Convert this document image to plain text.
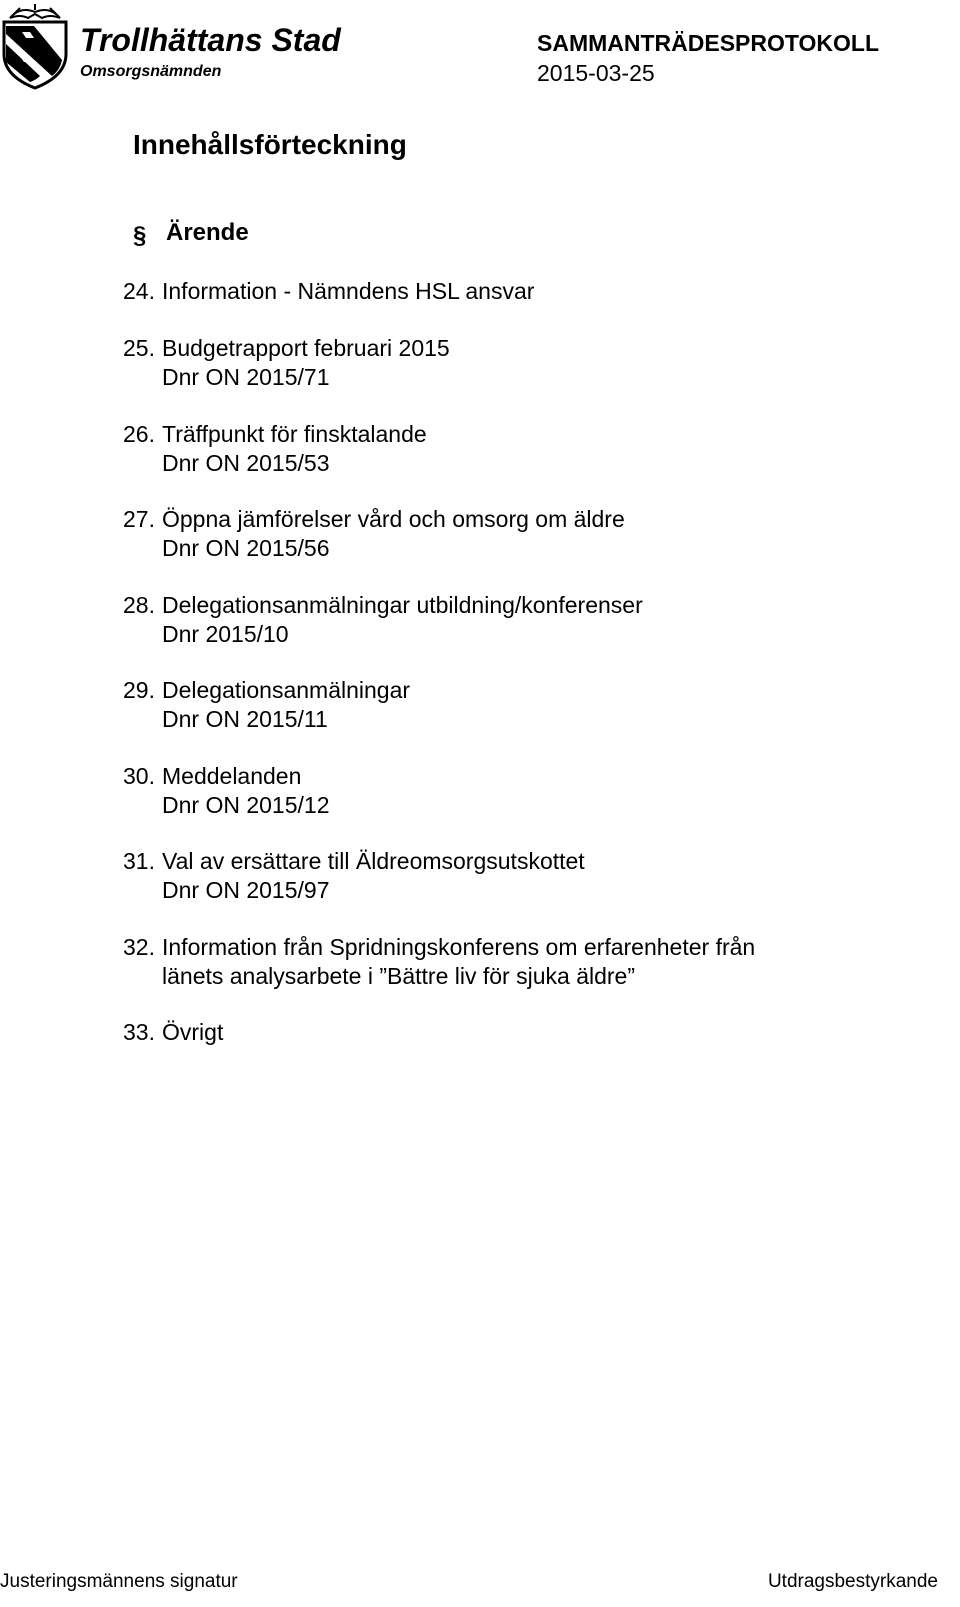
Trollhättans Stad
Omsorgsnämnden
SAMMANTRÄDESPROTOKOLL
2015-03-25
Innehållsförteckning
§ Ärende
24. Information - Nämndens HSL ansvar
25. Budgetrapport februari 2015
Dnr ON 2015/71
26. Träffpunkt för finsktalande
Dnr ON 2015/53
27. Öppna jämförelser vård och omsorg om äldre
Dnr ON 2015/56
28. Delegationsanmälningar utbildning/konferenser
Dnr 2015/10
29. Delegationsanmälningar
Dnr ON 2015/11
30. Meddelanden
Dnr ON 2015/12
31. Val av ersättare till Äldreomsorgsutskottet
Dnr ON 2015/97
32. Information från Spridningskonferens om erfarenheter från
länets analysarbete i ”Bättre liv för sjuka äldre”
33. Övrigt
Justeringsmännens signatur	Utdragsbestyrkande
